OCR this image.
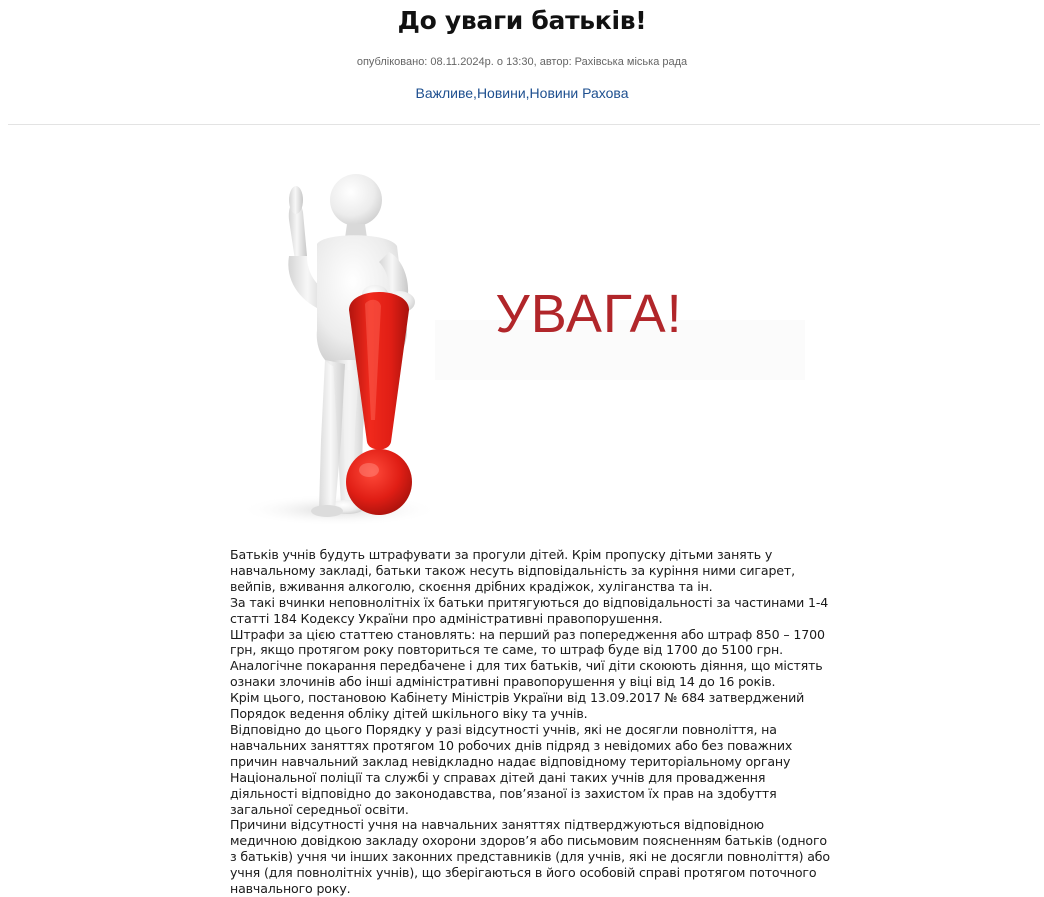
До уваги батьків!
опубліковано: 08.11.2024р. о 13:30, автор: Рахівська міська рада
Важливе,Новини,Новини Рахова
УВАГА!

Батьків учнів будуть штрафувати за прогули дітей. Крім пропуску дітьми занять у навчальному закладі, батьки також несуть відповідальність за куріння ними сигарет, вейпів, вживання алкоголю, скоєння дрібних крадіжок, хуліганства та ін.

За такі вчинки неповнолітніх їх батьки притягуються до відповідальності за частинами 1-4 статті 184 Кодексу України про адміністративні правопорушення.

Штрафи за цією статтею становлять: на перший раз попередження або штраф 850 – 1700 грн, якщо протягом року повториться те саме, то штраф буде від 1700 до 5100 грн.

Аналогічне покарання передбачене і для тих батьків, чиї діти скоюють діяння, що містять ознаки злочинів або інші адміністративні правопорушення у віці від 14 до 16 років.

Крім цього, постановою Кабінету Міністрів України від 13.09.2017 № 684 затверджений Порядок ведення обліку дітей шкільного віку та учнів.

Відповідно до цього Порядку у разі відсутності учнів, які не досягли повноліття, на навчальних заняттях протягом 10 робочих днів підряд з невідомих або без поважних причин навчальний заклад невідкладно надає відповідному територіальному органу Національної поліції та службі у справах дітей дані таких учнів для провадження діяльності відповідно до законодавства, пов’язаної із захистом їх прав на здобуття загальної середньої освіти.

Причини відсутності учня на навчальних заняттях підтверджуються відповідною медичною довідкою закладу охорони здоров’я або письмовим поясненням батьків (одного з батьків) учня чи інших законних представників (для учнів, які не досягли повноліття) або учня (для повнолітніх учнів), що зберігаються в його особовій справі протягом поточного навчального року.
